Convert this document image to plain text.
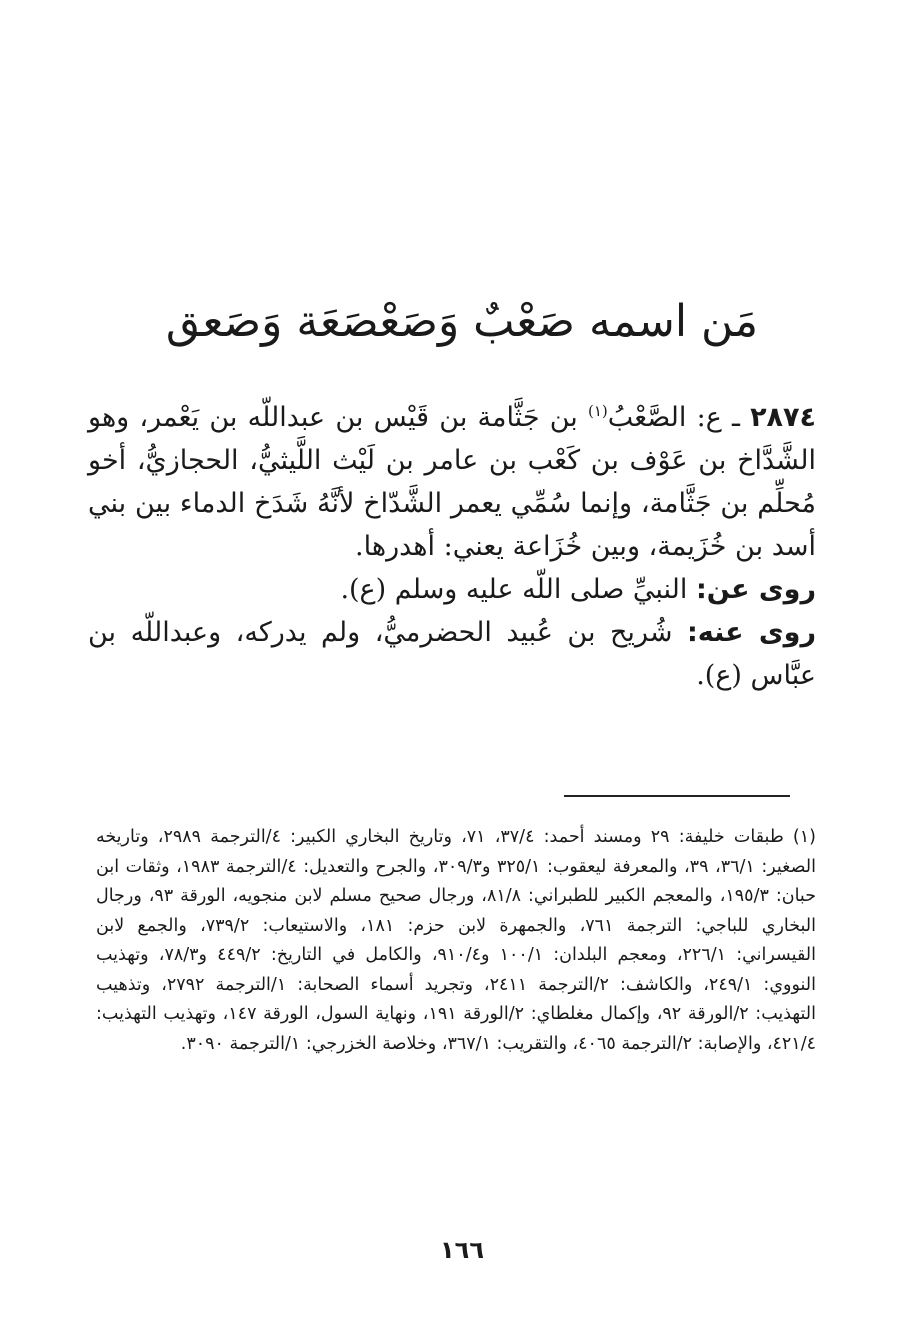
مَن اسمه صَعْبٌ وَصَعْصَعَة وَصَعق

٢٨٧٤ ـ ع: الصَّعْبُ$^{(١)}$ بن جَثَّامة بن قَيْس بن عبداللّه بن يَعْمر، وهو الشَّدَّاخ بن عَوْف بن كَعْب بن عامر بن لَيْث اللَّيثيُّ، الحجازيُّ، أخو مُحلِّم بن جَثَّامة، وإنما سُمِّي يعمر الشَّدّاخ لأنَّهُ شَدَخ الدماء بين بني أسد بن خُزَيمة، وبين خُزَاعة يعني: أهدرها.

روى عن: النبيِّ صلى اللّه عليه وسلم (ع).

روى عنه: شُريح بن عُبيد الحضرميُّ، ولم يدركه، وعبداللّه بن عبَّاس (ع).

(١) طبقات خليفة: ٢٩ ومسند أحمد: ٣٧/٤، ٧١، وتاريخ البخاري الكبير: ٤/الترجمة ٢٩٨٩، وتاريخه الصغير: ٣٦/١، ٣٩، والمعرفة ليعقوب: ٣٢٥/١ و٣٠٩/٣، والجرح والتعديل: ٤/الترجمة ١٩٨٣، وثقات ابن حبان: ١٩٥/٣، والمعجم الكبير للطبراني: ٨١/٨، ورجال صحيح مسلم لابن منجويه، الورقة ٩٣، ورجال البخاري للباجي: الترجمة ٧٦١، والجمهرة لابن حزم: ١٨١، والاستيعاب: ٧٣٩/٢، والجمع لابن القيسراني: ٢٢٦/١، ومعجم البلدان: ١٠٠/١ و٩١٠/٤، والكامل في التاريخ: ٤٤٩/٢ و٧٨/٣، وتهذيب النووي: ٢٤٩/١، والكاشف: ٢/الترجمة ٢٤١١، وتجريد أسماء الصحابة: ١/الترجمة ٢٧٩٢، وتذهيب التهذيب: ٢/الورقة ٩٢، وإكمال مغلطاي: ٢/الورقة ١٩١، ونهاية السول، الورقة ١٤٧، وتهذيب التهذيب: ٤٢١/٤، والإصابة: ٢/الترجمة ٤٠٦٥، والتقريب: ٣٦٧/١، وخلاصة الخزرجي: ١/الترجمة ٣٠٩٠.

١٦٦
